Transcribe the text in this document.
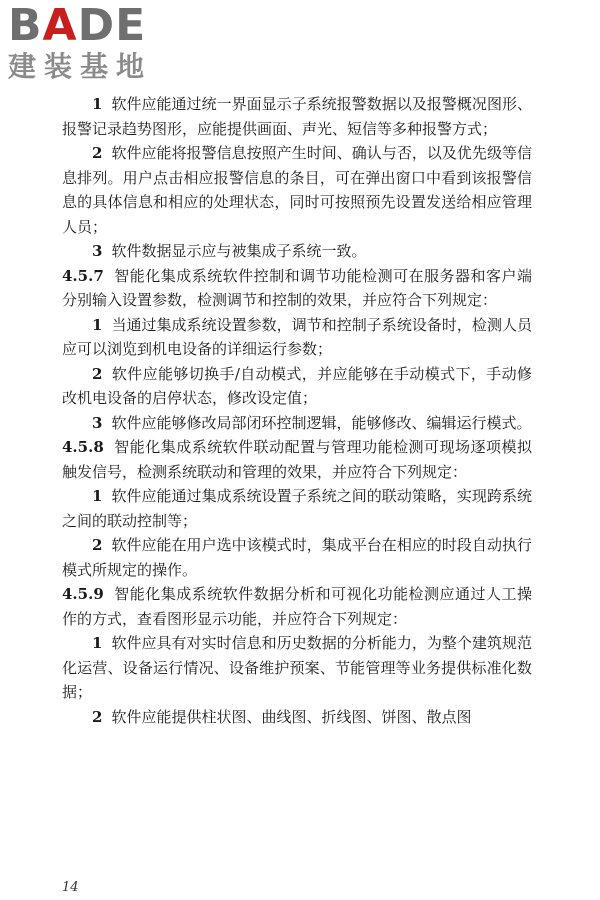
BADE
建装基地

1 软件应能通过统一界面显示子系统报警数据以及报警概况图形、报警记录趋势图形，应能提供画面、声光、短信等多种报警方式；

2 软件应能将报警信息按照产生时间、确认与否，以及优先级等信息排列。用户点击相应报警信息的条目，可在弹出窗口中看到该报警信息的具体信息和相应的处理状态，同时可按照预先设置发送给相应管理人员；

3 软件数据显示应与被集成子系统一致。

4.5.7 智能化集成系统软件控制和调节功能检测可在服务器和客户端分别输入设置参数，检测调节和控制的效果，并应符合下列规定：

1 当通过集成系统设置参数，调节和控制子系统设备时，检测人员应可以浏览到机电设备的详细运行参数；

2 软件应能够切换手/自动模式，并应能够在手动模式下，手动修改机电设备的启停状态，修改设定值；

3 软件应能够修改局部闭环控制逻辑，能够修改、编辑运行模式。

4.5.8 智能化集成系统软件联动配置与管理功能检测可现场逐项模拟触发信号，检测系统联动和管理的效果，并应符合下列规定：

1 软件应能通过集成系统设置子系统之间的联动策略，实现跨系统之间的联动控制等；

2 软件应能在用户选中该模式时，集成平台在相应的时段自动执行模式所规定的操作。

4.5.9 智能化集成系统软件数据分析和可视化功能检测应通过人工操作的方式，查看图形显示功能，并应符合下列规定：

1 软件应具有对实时信息和历史数据的分析能力，为整个建筑规范化运营、设备运行情况、设备维护预案、节能管理等业务提供标准化数据；

2 软件应能提供柱状图、曲线图、折线图、饼图、散点图

14
